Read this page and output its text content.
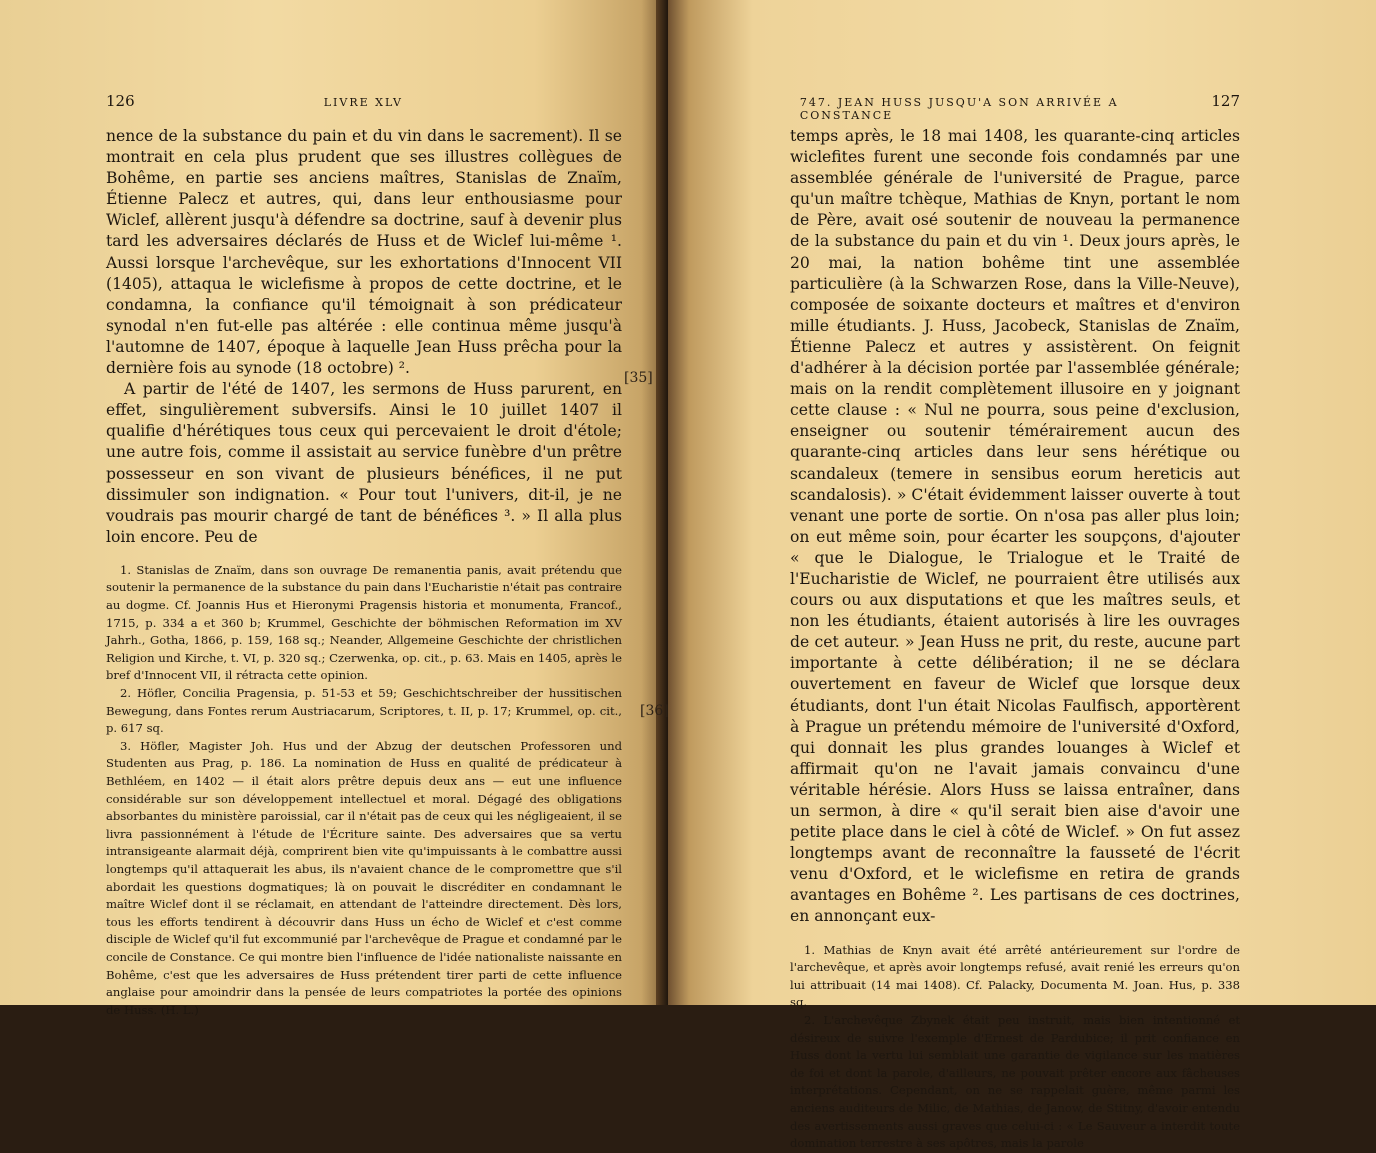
126	LIVRE XLV

nence de la substance du pain et du vin dans le sacrement). Il se montrait en cela plus prudent que ses illustres collègues de Bohême, en partie ses anciens maîtres, Stanislas de Znaïm, Étienne Palecz et autres, qui, dans leur enthousiasme pour Wiclef, allèrent jusqu'à défendre sa doctrine, sauf à devenir plus tard les adversaires déclarés de Huss et de Wiclef lui-même ¹. Aussi lorsque l'archevêque, sur les exhortations d'Innocent VII (1405), attaqua le wiclefisme à propos de cette doctrine, et le condamna, la confiance qu'il témoignait à son prédicateur synodal n'en fut-elle pas altérée : elle continua même jusqu'à l'automne de 1407, époque à laquelle Jean Huss prêcha pour la dernière fois au synode (18 octobre) ².

A partir de l'été de 1407, les sermons de Huss parurent, en effet, singulièrement subversifs. Ainsi le 10 juillet 1407 il qualifie d'hérétiques tous ceux qui percevaient le droit d'étole; une autre fois, comme il assistait au service funèbre d'un prêtre possesseur en son vivant de plusieurs bénéfices, il ne put dissimuler son indignation. « Pour tout l'univers, dit-il, je ne voudrais pas mourir chargé de tant de bénéfices ³. » Il alla plus loin encore. Peu de

[35]

1. Stanislas de Znaïm, dans son ouvrage De remanentia panis, avait prétendu que soutenir la permanence de la substance du pain dans l'Eucharistie n'était pas contraire au dogme. Cf. Joannis Hus et Hieronymi Pragensis historia et monumenta, Francof., 1715, p. 334 a et 360 b; Krummel, Geschichte der böhmischen Reformation im XV Jahrh., Gotha, 1866, p. 159, 168 sq.; Neander, Allgemeine Geschichte der christlichen Religion und Kirche, t. VI, p. 320 sq.; Czerwenka, op. cit., p. 63. Mais en 1405, après le bref d'Innocent VII, il rétracta cette opinion.

2. Höfler, Concilia Pragensia, p. 51-53 et 59; Geschichtschreiber der hussitischen Bewegung, dans Fontes rerum Austriacarum, Scriptores, t. II, p. 17; Krummel, op. cit., p. 617 sq.

3. Höfler, Magister Joh. Hus und der Abzug der deutschen Professoren und Studenten aus Prag, p. 186. La nomination de Huss en qualité de prédicateur à Bethléem, en 1402 — il était alors prêtre depuis deux ans — eut une influence considérable sur son développement intellectuel et moral. Dégagé des obligations absorbantes du ministère paroissial, car il n'était pas de ceux qui les négligeaient, il se livra passionnément à l'étude de l'Écriture sainte. Des adversaires que sa vertu intransigeante alarmait déjà, comprirent bien vite qu'impuissants à le combattre aussi longtemps qu'il attaquerait les abus, ils n'avaient chance de le compromettre que s'il abordait les questions dogmatiques; là on pouvait le discréditer en condamnant le maître Wiclef dont il se réclamait, en attendant de l'atteindre directement. Dès lors, tous les efforts tendirent à découvrir dans Huss un écho de Wiclef et c'est comme disciple de Wiclef qu'il fut excommunié par l'archevêque de Prague et condamné par le concile de Constance. Ce qui montre bien l'influence de l'idée nationaliste naissante en Bohême, c'est que les adversaires de Huss prétendent tirer parti de cette influence anglaise pour amoindrir dans la pensée de leurs compatriotes la portée des opinions de Huss. (H. L.)

747. JEAN HUSS JUSQU'A SON ARRIVÉE A CONSTANCE
127

temps après, le 18 mai 1408, les quarante-cinq articles wiclefites furent une seconde fois condamnés par une assemblée générale de l'université de Prague, parce qu'un maître tchèque, Mathias de Knyn, portant le nom de Père, avait osé soutenir de nouveau la permanence de la substance du pain et du vin ¹. Deux jours après, le 20 mai, la nation bohême tint une assemblée particulière (à la Schwarzen Rose, dans la Ville-Neuve), composée de soixante docteurs et maîtres et d'environ mille étudiants. J. Huss, Jacobeck, Stanislas de Znaïm, Étienne Palecz et autres y assistèrent. On feignit d'adhérer à la décision portée par l'assemblée générale; mais on la rendit complètement illusoire en y joignant cette clause : « Nul ne pourra, sous peine d'exclusion, enseigner ou soutenir témérairement aucun des quarante-cinq articles dans leur sens hérétique ou scandaleux (temere in sensibus eorum hereticis aut scandalosis). » C'était évidemment laisser ouverte à tout venant une porte de sortie. On n'osa pas aller plus loin; on eut même soin, pour écarter les soupçons, d'ajouter « que le Dialogue, le Trialogue et le Traité de l'Eucharistie de Wiclef, ne pourraient être utilisés aux cours ou aux disputations et que les maîtres seuls, et non les étudiants, étaient autorisés à lire les ouvrages de cet auteur. » Jean Huss ne prit, du reste, aucune part importante à cette délibération; il ne se déclara ouvertement en faveur de Wiclef que lorsque deux étudiants, dont l'un était Nicolas Faulfisch, apportèrent à Prague un prétendu mémoire de l'université d'Oxford, qui donnait les plus grandes louanges à Wiclef et affirmait qu'on ne l'avait jamais convaincu d'une véritable hérésie. Alors Huss se laissa entraîner, dans un sermon, à dire « qu'il serait bien aise d'avoir une petite place dans le ciel à côté de Wiclef. » On fut assez longtemps avant de reconnaître la fausseté de l'écrit venu d'Oxford, et le wiclefisme en retira de grands avantages en Bohême ². Les partisans de ces doctrines, en annonçant eux-

[36]

1. Mathias de Knyn avait été arrêté antérieurement sur l'ordre de l'archevêque, et après avoir longtemps refusé, avait renié les erreurs qu'on lui attribuait (14 mai 1408). Cf. Palacky, Documenta M. Joan. Hus, p. 338 sq.

2. L'archevêque Zbynek était peu instruit, mais bien intentionné et désireux de suivre l'exemple d'Ernest de Pardubice; il prit confiance en Huss dont la vertu lui semblait une garantie de vigilance sur les matières de foi et dont la parole, d'ailleurs, ne pouvait prêter encore aux fâcheuses interprétations. Cependant, on ne se rappelait guère, même parmi les anciens auditeurs de Milic, de Mathias, de Janow, de Stitny, d'avoir entendu des avertissements aussi graves que celui-ci : « Le Sauveur a interdit toute domination terrestre à ses apôtres, mais la parole
